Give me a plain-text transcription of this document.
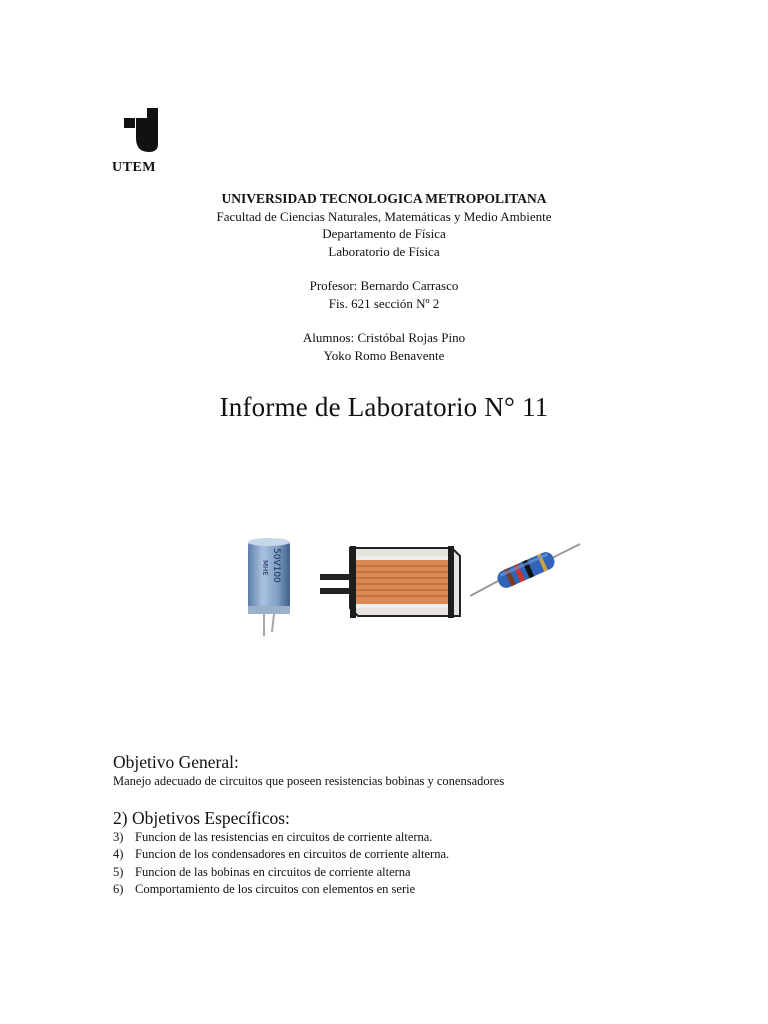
UTEM
UNIVERSIDAD TECNOLOGICA METROPOLITANA
Facultad de Ciencias Naturales, Matemáticas y Medio Ambiente
Departamento de Física
Laboratorio de Física
Profesor: Bernardo Carrasco
Fis. 621 sección Nº 2
Alumnos: Cristóbal Rojas Pino
Yoko Romo Benavente
Informe de Laboratorio N° 11
50V100
MHE
Objetivo General:
Manejo adecuado de circuitos que poseen resistencias bobinas y conensadores
2) Objetivos Específicos:
3) Funcion de las resistencias en circuitos de corriente alterna.
4) Funcion de los condensadores en circuitos de corriente alterna.
5) Funcion de las bobinas en circuitos de corriente alterna
6) Comportamiento de los circuitos con elementos en serie
